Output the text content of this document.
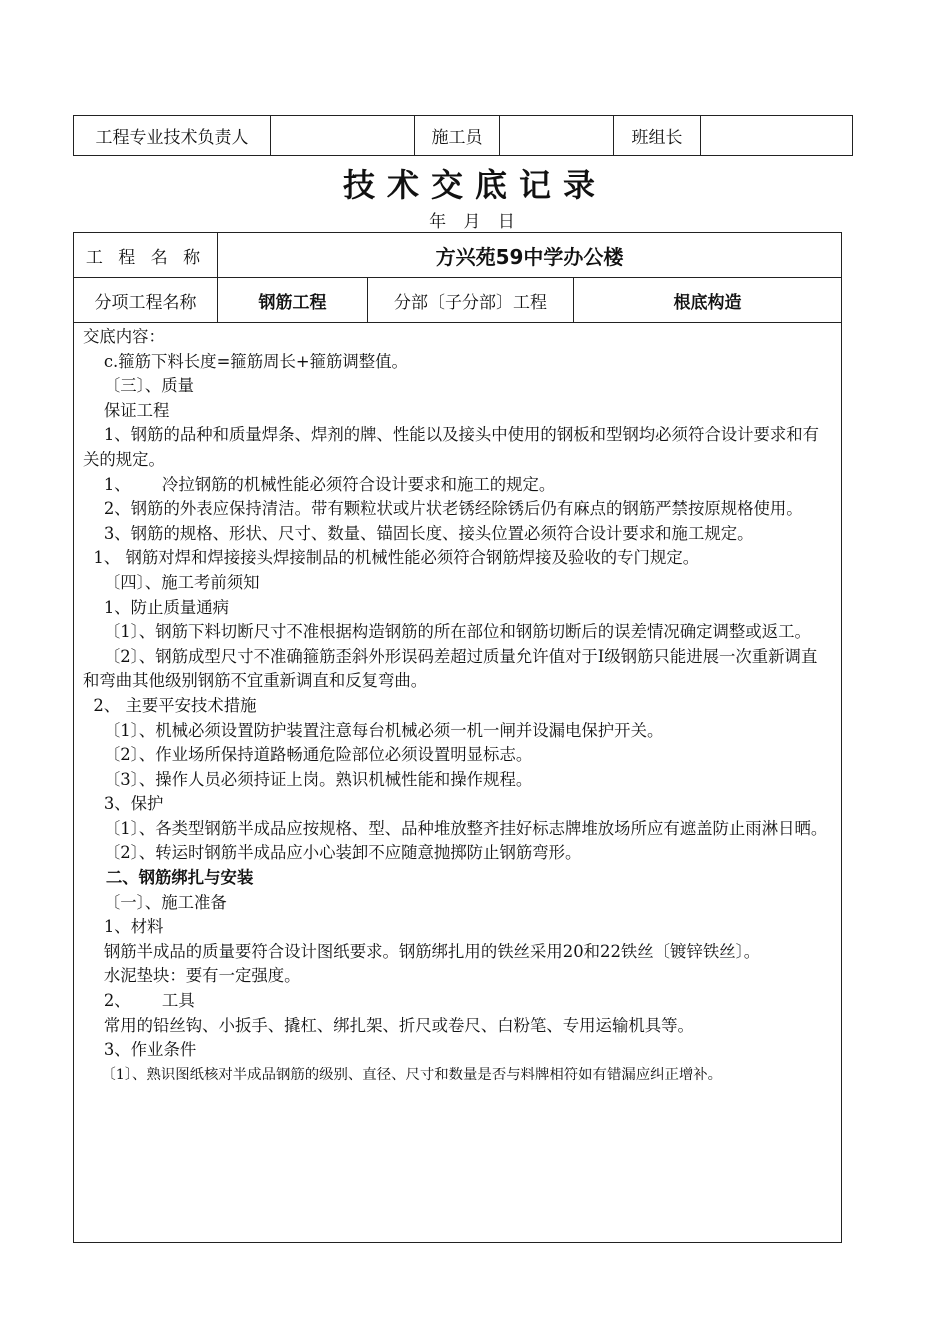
工程专业技术负责人		施工员		班组长	
技术交底记录
年 月 日
工 程 名 称	方兴苑59中学办公楼
分项工程名称	钢筋工程	分部〔子分部〕工程	根底构造

交底内容：

c.箍筋下料长度=箍筋周长+箍筋调整值。

〔三〕、质量

保证工程

1、钢筋的品种和质量焊条、焊剂的牌、性能以及接头中使用的钢板和型钢均必须符合设计要求和有关的规定。

1、      冷拉钢筋的机械性能必须符合设计要求和施工的规定。

2、钢筋的外表应保持清洁。带有颗粒状或片状老锈经除锈后仍有麻点的钢筋严禁按原规格使用。

3、钢筋的规格、形状、尺寸、数量、锚固长度、接头位置必须符合设计要求和施工规定。

1、 钢筋对焊和焊接接头焊接制品的机械性能必须符合钢筋焊接及验收的专门规定。

〔四〕、施工考前须知

1、防止质量通病

〔1〕、钢筋下料切断尺寸不准根据构造钢筋的所在部位和钢筋切断后的误差情况确定调整或返工。

〔2〕、钢筋成型尺寸不准确箍筋歪斜外形误码差超过质量允许值对于I级钢筋只能进展一次重新调直和弯曲其他级别钢筋不宜重新调直和反复弯曲。

2、 主要平安技术措施

〔1〕、机械必须设置防护装置注意每台机械必须一机一闸并设漏电保护开关。

〔2〕、作业场所保持道路畅通危险部位必须设置明显标志。

〔3〕、操作人员必须持证上岗。熟识机械性能和操作规程。

3、保护

〔1〕、各类型钢筋半成品应按规格、型、品种堆放整齐挂好标志牌堆放场所应有遮盖防止雨淋日晒。

〔2〕、转运时钢筋半成品应小心装卸不应随意抛掷防止钢筋弯形。

二、钢筋绑扎与安装

〔一〕、施工准备

1、材料

钢筋半成品的质量要符合设计图纸要求。钢筋绑扎用的铁丝采用20和22铁丝〔镀锌铁丝〕。

水泥垫块：要有一定强度。

2、      工具

常用的铅丝钩、小扳手、撬杠、绑扎架、折尺或卷尺、白粉笔、专用运输机具等。

3、作业条件

〔1〕、熟识图纸核对半成品钢筋的级别、直径、尺寸和数量是否与料牌相符如有错漏应纠正增补。
